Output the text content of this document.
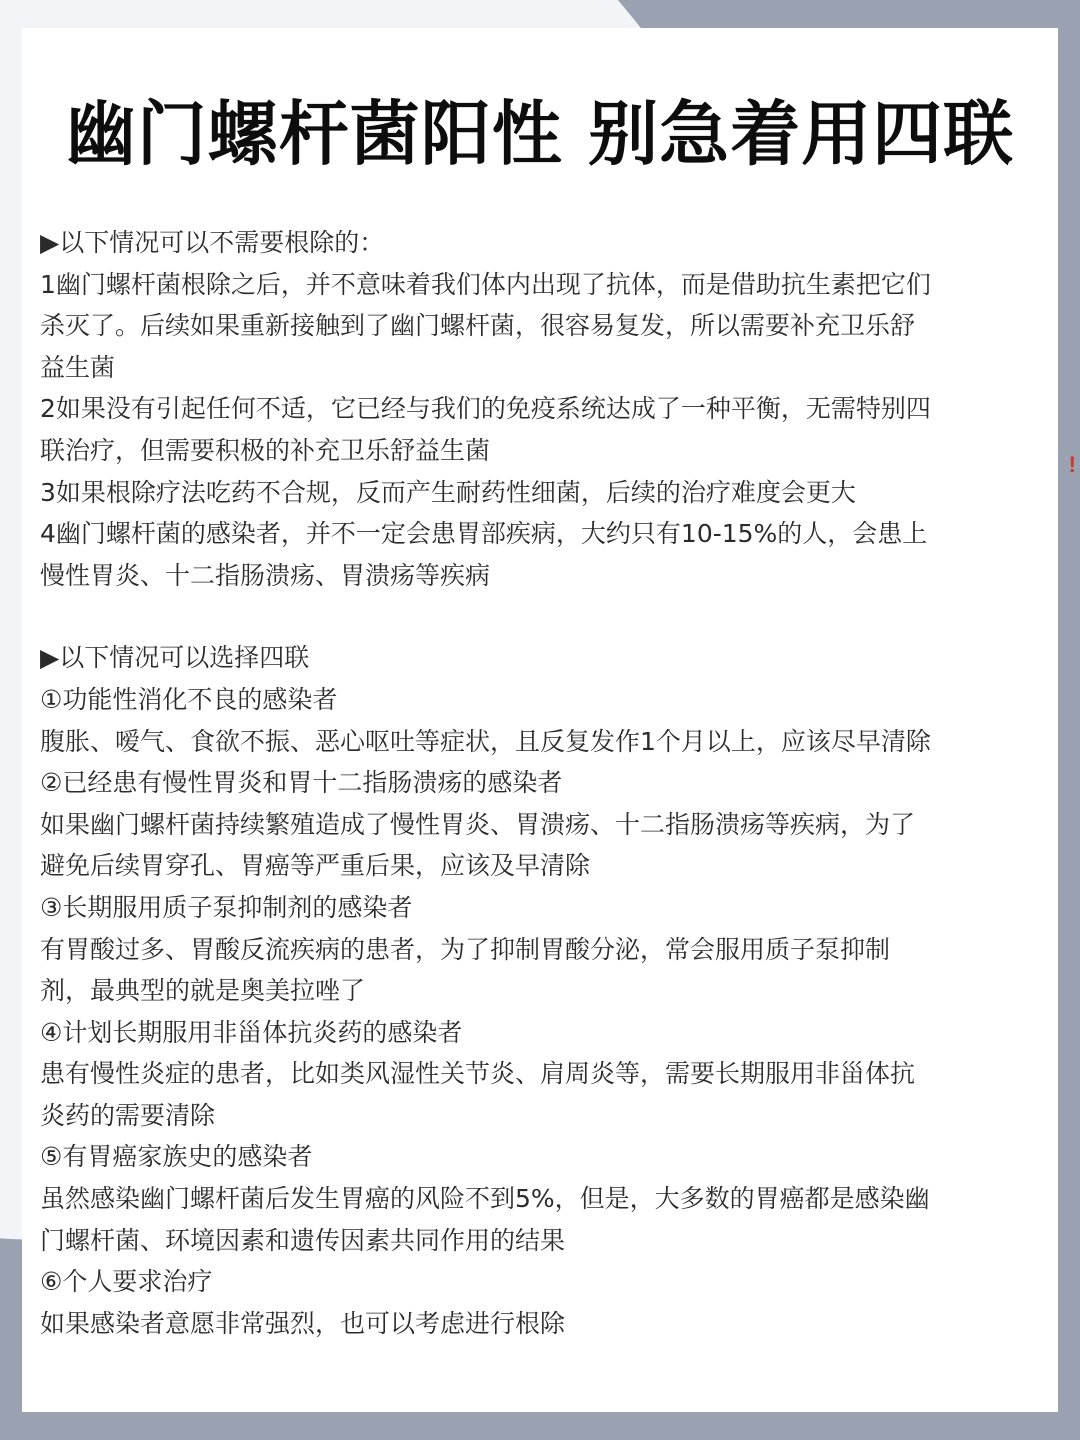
幽门螺杆菌阳性 别急着用四联

▶以下情况可以不需要根除的：

1幽门螺杆菌根除之后，并不意味着我们体内出现了抗体，而是借助抗生素把它们

杀灭了。后续如果重新接触到了幽门螺杆菌，很容易复发，所以需要补充卫乐舒

益生菌

2如果没有引起任何不适，它已经与我们的免疫系统达成了一种平衡，无需特别四

联治疗，但需要积极的补充卫乐舒益生菌

3如果根除疗法吃药不合规，反而产生耐药性细菌，后续的治疗难度会更大

4幽门螺杆菌的感染者，并不一定会患胃部疾病，大约只有10-15%的人，会患上

慢性胃炎、十二指肠溃疡、胃溃疡等疾病

▶以下情况可以选择四联

①功能性消化不良的感染者

腹胀、嗳气、食欲不振、恶心呕吐等症状，且反复发作1个月以上，应该尽早清除

②已经患有慢性胃炎和胃十二指肠溃疡的感染者

如果幽门螺杆菌持续繁殖造成了慢性胃炎、胃溃疡、十二指肠溃疡等疾病，为了

避免后续胃穿孔、胃癌等严重后果，应该及早清除

③长期服用质子泵抑制剂的感染者

有胃酸过多、胃酸反流疾病的患者，为了抑制胃酸分泌，常会服用质子泵抑制

剂，最典型的就是奥美拉唑了

④计划长期服用非甾体抗炎药的感染者

患有慢性炎症的患者，比如类风湿性关节炎、肩周炎等，需要长期服用非甾体抗

炎药的需要清除

⑤有胃癌家族史的感染者

虽然感染幽门螺杆菌后发生胃癌的风险不到5%，但是，大多数的胃癌都是感染幽

门螺杆菌、环境因素和遗传因素共同作用的结果

⑥个人要求治疗

如果感染者意愿非常强烈，也可以考虑进行根除

!
